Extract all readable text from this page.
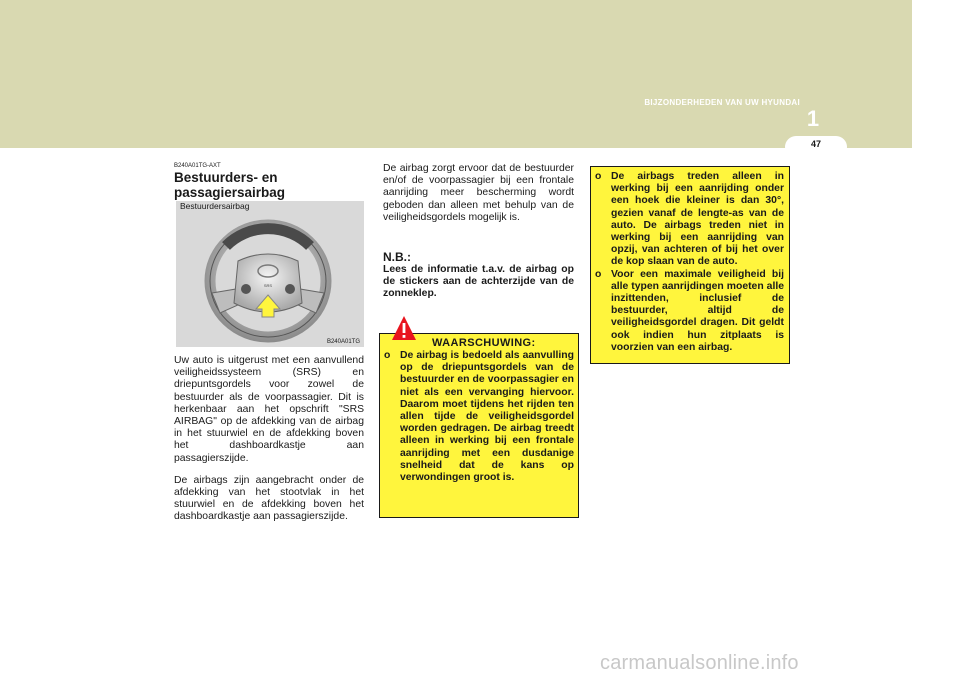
BIJZONDERHEDEN VAN UW HYUNDAI
1
47
B240A01TG-AXT
Bestuurders- en passagiersairbag
SRS
Bestuurdersairbag
B240A01TG

Uw auto is uitgerust met een aanvullend veiligheidssysteem (SRS) en driepuntsgordels voor zowel de bestuurder als de voorpassagier. Dit is herkenbaar aan het opschrift "SRS AIRBAG" op de afdekking van de airbag in het stuurwiel en de afdekking boven het dashboardkastje aan passagierszijde.

De airbags zijn aangebracht onder de afdekking van het stootvlak in het stuurwiel en de afdekking boven het dashboardkastje aan passagierszijde.

De airbag zorgt ervoor dat de bestuurder en/of de voorpassagier bij een frontale aanrijding meer bescherming wordt geboden dan alleen met behulp van de veiligheidsgordels mogelijk is.

N.B.:
Lees de informatie t.a.v. de airbag op de stickers aan de achterzijde van de zonneklep.
WAARSCHUWING:
o De airbag is bedoeld als aanvulling op de driepuntsgordels van de bestuurder en de voorpassagier en niet als een vervanging hiervoor. Daarom moet tijdens het rijden ten allen tijde de veiligheidsgordel worden gedragen. De airbag treedt alleen in werking bij een frontale aanrijding met een dusdanige snelheid dat de kans op verwondingen groot is.
o De airbags treden alleen in werking bij een aanrijding onder een hoek die kleiner is dan 30°, gezien vanaf de lengte-as van de auto. De airbags treden niet in werking bij een aanrijding van opzij, van achteren of bij het over de kop slaan van de auto.
o Voor een maximale veiligheid bij alle typen aanrijdingen moeten alle inzittenden, inclusief de bestuurder, altijd de veiligheidsgordel dragen. Dit geldt ook indien hun zitplaats is voorzien van een airbag.
carmanualsonline.info
